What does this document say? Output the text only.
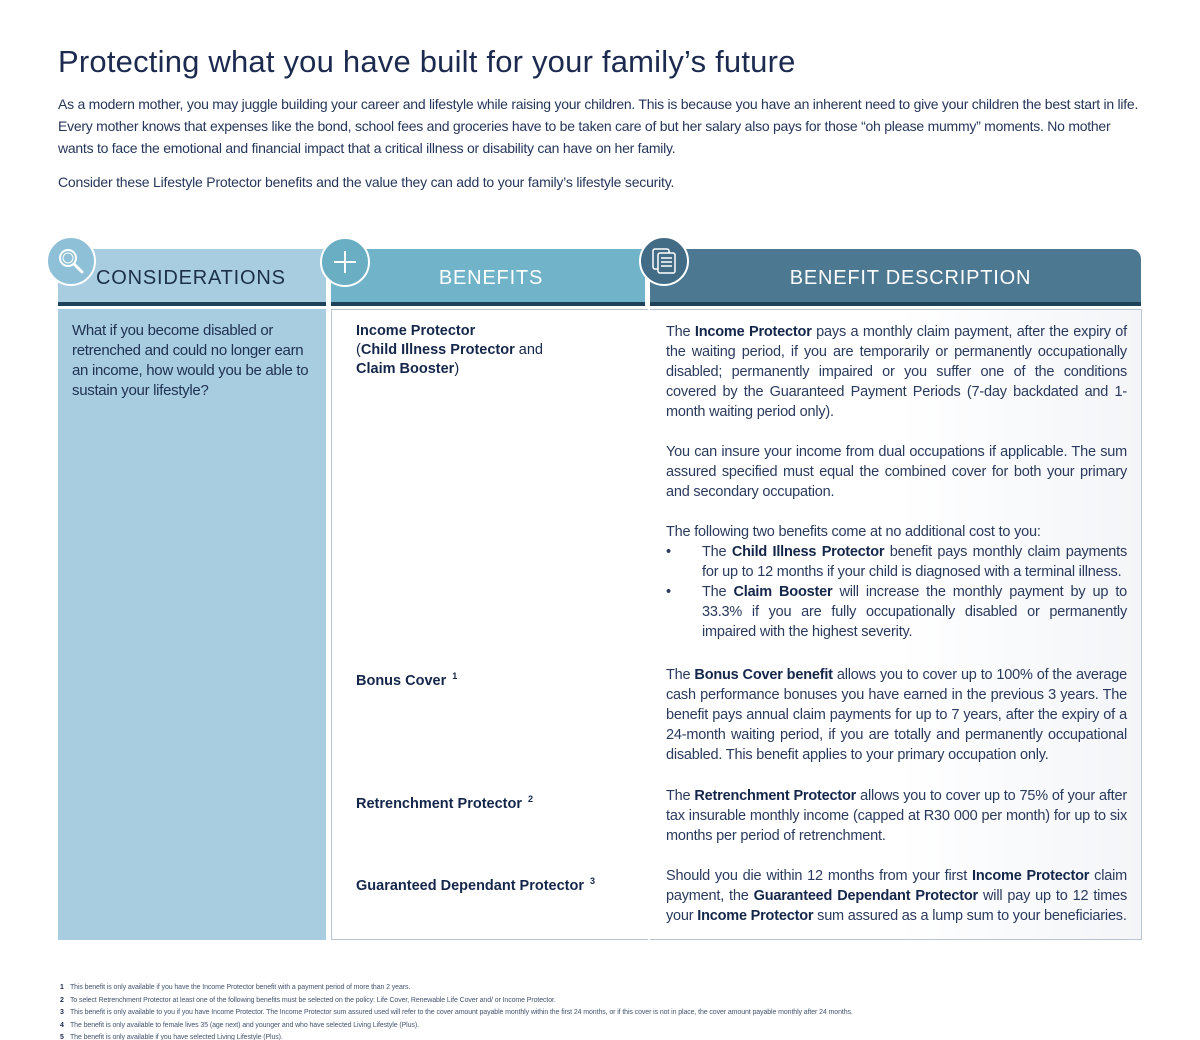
Protecting what you have built for your family’s future

As a modern mother, you may juggle building your career and lifestyle while raising your children. This is because you have an inherent need to give your children the best start in life. Every mother knows that expenses like the bond, school fees and groceries have to be taken care of but her salary also pays for those “oh please mummy” moments. No mother wants to face the emotional and financial impact that a critical illness or disability can have on her family.

Consider these Lifestyle Protector benefits and the value they can add to your family’s lifestyle security.

CONSIDERATIONS	BENEFITS	BENEFIT DESCRIPTION

What if you become disabled or retrenched and could no longer earn an income, how would you be able to sustain your lifestyle?

Income Protector
(Child Illness Protector and
Claim Booster)
Bonus Cover $^1$
Retrenchment Protector $^2$
Guaranteed Dependant Protector $^3$

The Income Protector pays a monthly claim payment, after the expiry of the waiting period, if you are temporarily or permanently occupationally disabled; permanently impaired or you suffer one of the conditions covered by the Guaranteed Payment Periods (7-day backdated and 1-month waiting period only).

You can insure your income from dual occupations if applicable. The sum assured specified must equal the combined cover for both your primary and secondary occupation.

The following two benefits come at no additional cost to you:

• The Child Illness Protector benefit pays monthly claim payments for up to 12 months if your child is diagnosed with a terminal illness.
• The Claim Booster will increase the monthly payment by up to 33.3% if you are fully occupationally disabled or permanently impaired with the highest severity.

The Bonus Cover benefit allows you to cover up to 100% of the average cash performance bonuses you have earned in the previous 3 years. The benefit pays annual claim payments for up to 7 years, after the expiry of a 24-month waiting period, if you are totally and permanently occupational disabled. This benefit applies to your primary occupation only.

The Retrenchment Protector allows you to cover up to 75% of your after tax insurable monthly income (capped at R30 000 per month) for up to six months per period of retrenchment.

Should you die within 12 months from your first Income Protector claim payment, the Guaranteed Dependant Protector will pay up to 12 times your Income Protector sum assured as a lump sum to your beneficiaries.

1 This benefit is only available if you have the Income Protector benefit with a payment period of more than 2 years.
2 To select Retrenchment Protector at least one of the following benefits must be selected on the policy: Life Cover, Renewable Life Cover and/ or Income Protector.
3 This benefit is only available to you if you have Income Protector. The Income Protector sum assured used will refer to the cover amount payable monthly within the first 24 months, or if this cover is not in place, the cover amount payable monthly after 24 months.
4 The benefit is only available to female lives 35 (age next) and younger and who have selected Living Lifestyle (Plus).
5 The benefit is only available if you have selected Living Lifestyle (Plus).
